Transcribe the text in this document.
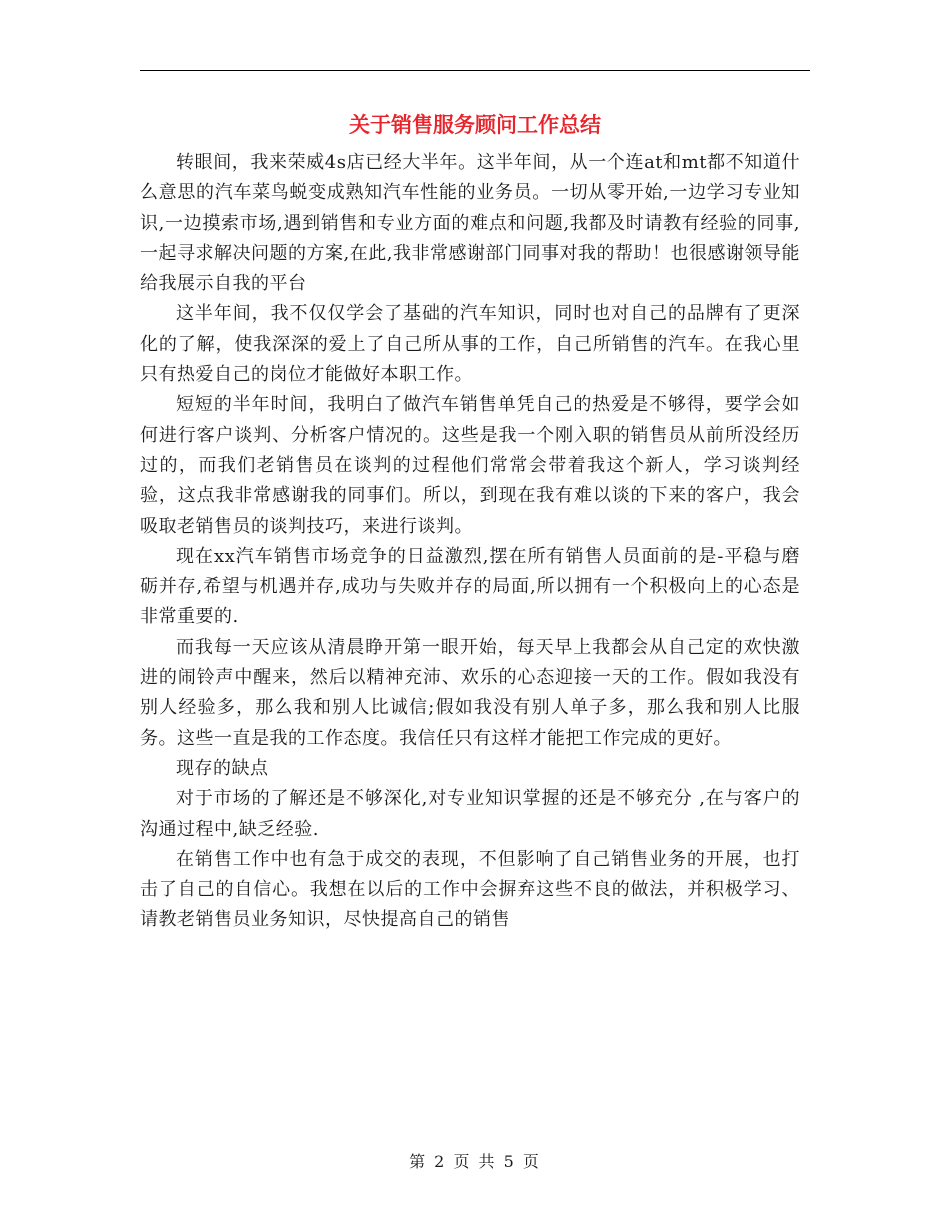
关于销售服务顾问工作总结

转眼间，我来荣威4s店已经大半年。这半年间，从一个连at和mt都不知道什么意思的汽车菜鸟蜕变成熟知汽车性能的业务员。一切从零开始,一边学习专业知识,一边摸索市场,遇到销售和专业方面的难点和问题,我都及时请教有经验的同事,一起寻求解决问题的方案,在此,我非常感谢部门同事对我的帮助！也很感谢领导能给我展示自我的平台

这半年间，我不仅仅学会了基础的汽车知识，同时也对自己的品牌有了更深化的了解，使我深深的爱上了自己所从事的工作，自己所销售的汽车。在我心里只有热爱自己的岗位才能做好本职工作。

短短的半年时间，我明白了做汽车销售单凭自己的热爱是不够得，要学会如何进行客户谈判、分析客户情况的。这些是我一个刚入职的销售员从前所没经历过的，而我们老销售员在谈判的过程他们常常会带着我这个新人，学习谈判经验，这点我非常感谢我的同事们。所以，到现在我有难以谈的下来的客户，我会吸取老销售员的谈判技巧，来进行谈判。

现在xx汽车销售市场竞争的日益激烈,摆在所有销售人员面前的是-平稳与磨砺并存,希望与机遇并存,成功与失败并存的局面,所以拥有一个积极向上的心态是非常重要的.

而我每一天应该从清晨睁开第一眼开始，每天早上我都会从自己定的欢快激进的闹铃声中醒来，然后以精神充沛、欢乐的心态迎接一天的工作。假如我没有别人经验多，那么我和别人比诚信;假如我没有别人单子多，那么我和别人比服务。这些一直是我的工作态度。我信任只有这样才能把工作完成的更好。

现存的缺点

对于市场的了解还是不够深化,对专业知识掌握的还是不够充分 ,在与客户的沟通过程中,缺乏经验.

在销售工作中也有急于成交的表现，不但影响了自己销售业务的开展，也打击了自己的自信心。我想在以后的工作中会摒弃这些不良的做法，并积极学习、请教老销售员业务知识，尽快提高自己的销售

第 2 页 共 5 页
